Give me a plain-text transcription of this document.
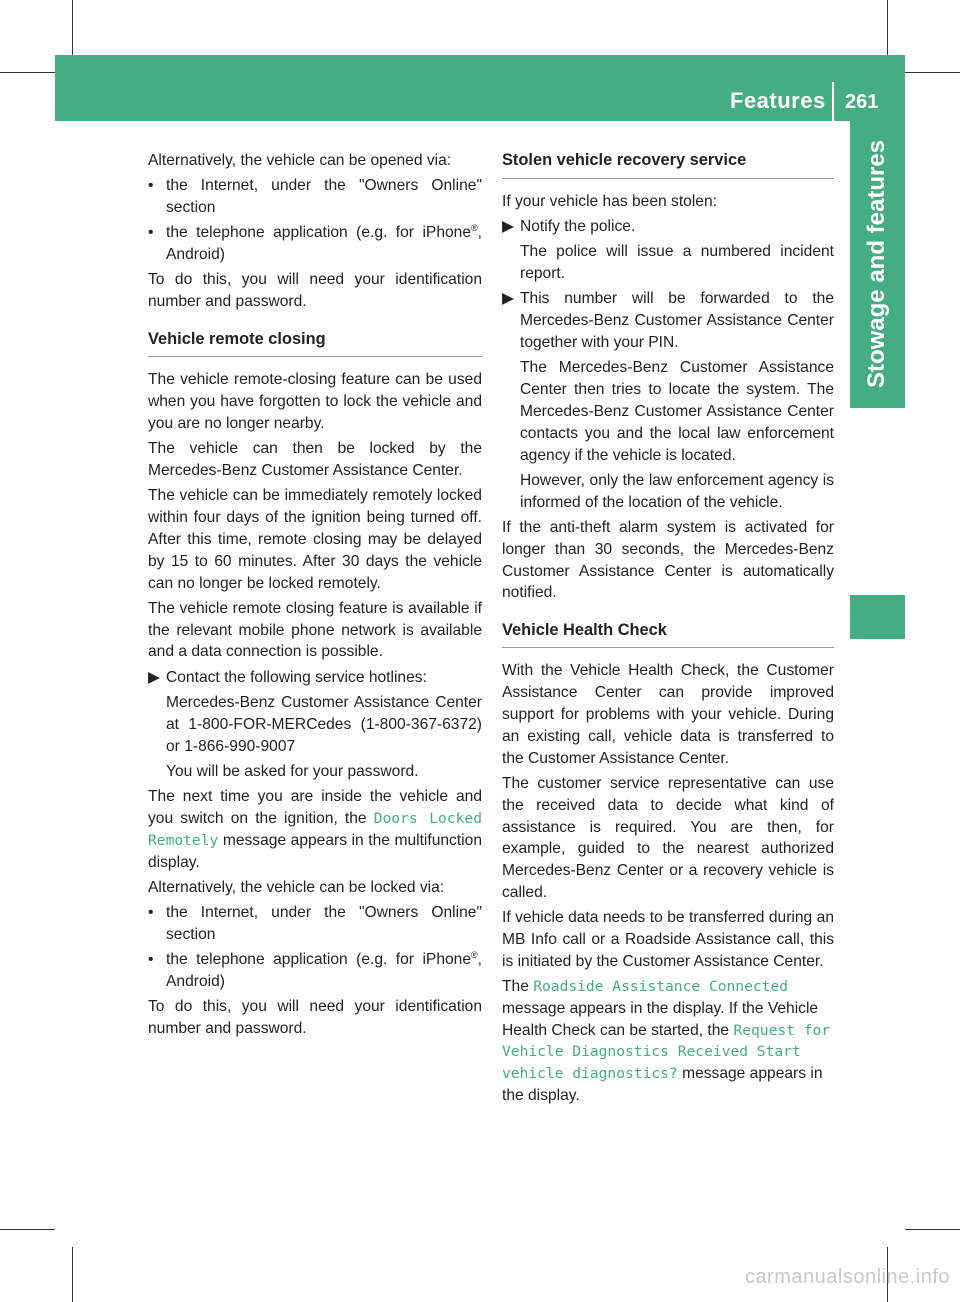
Features 261
Stowage and features

Alternatively, the vehicle can be opened via:

• the Internet, under the "Owners Online" section
• the telephone application (e.g. for iPhone®, Android)

To do this, you will need your identification number and password.

Vehicle remote closing

The vehicle remote-closing feature can be used when you have forgotten to lock the vehicle and you are no longer nearby.

The vehicle can then be locked by the Mercedes-Benz Customer Assistance Center.

The vehicle can be immediately remotely locked within four days of the ignition being turned off. After this time, remote closing may be delayed by 15 to 60 minutes. After 30 days the vehicle can no longer be locked remotely.

The vehicle remote closing feature is available if the relevant mobile phone network is available and a data connection is possible.

▶ Contact the following service hotlines:

Mercedes-Benz Customer Assistance Center at 1-800-FOR-MERCedes (1-800-367-6372) or 1-866-990-9007

You will be asked for your password.

The next time you are inside the vehicle and you switch on the ignition, the Doors Locked Remotely message appears in the multifunction display.

Alternatively, the vehicle can be locked via:

• the Internet, under the "Owners Online" section
• the telephone application (e.g. for iPhone®, Android)

To do this, you will need your identification number and password.

Stolen vehicle recovery service

If your vehicle has been stolen:

▶ Notify the police.

The police will issue a numbered incident report.

▶ This number will be forwarded to the Mercedes-Benz Customer Assistance Center together with your PIN.

The Mercedes-Benz Customer Assistance Center then tries to locate the system. The Mercedes-Benz Customer Assistance Center contacts you and the local law enforcement agency if the vehicle is located.

However, only the law enforcement agency is informed of the location of the vehicle.

If the anti-theft alarm system is activated for longer than 30 seconds, the Mercedes-Benz Customer Assistance Center is automatically notified.

Vehicle Health Check

With the Vehicle Health Check, the Customer Assistance Center can provide improved support for problems with your vehicle. During an existing call, vehicle data is transferred to the Customer Assistance Center.

The customer service representative can use the received data to decide what kind of assistance is required. You are then, for example, guided to the nearest authorized Mercedes-Benz Center or a recovery vehicle is called.

If vehicle data needs to be transferred during an MB Info call or a Roadside Assistance call, this is initiated by the Customer Assistance Center.

The Roadside Assistance Connected message appears in the display. If the Vehicle Health Check can be started, the Request for Vehicle Diagnostics Received Start vehicle diagnostics? message appears in the display.

carmanualsonline.info
